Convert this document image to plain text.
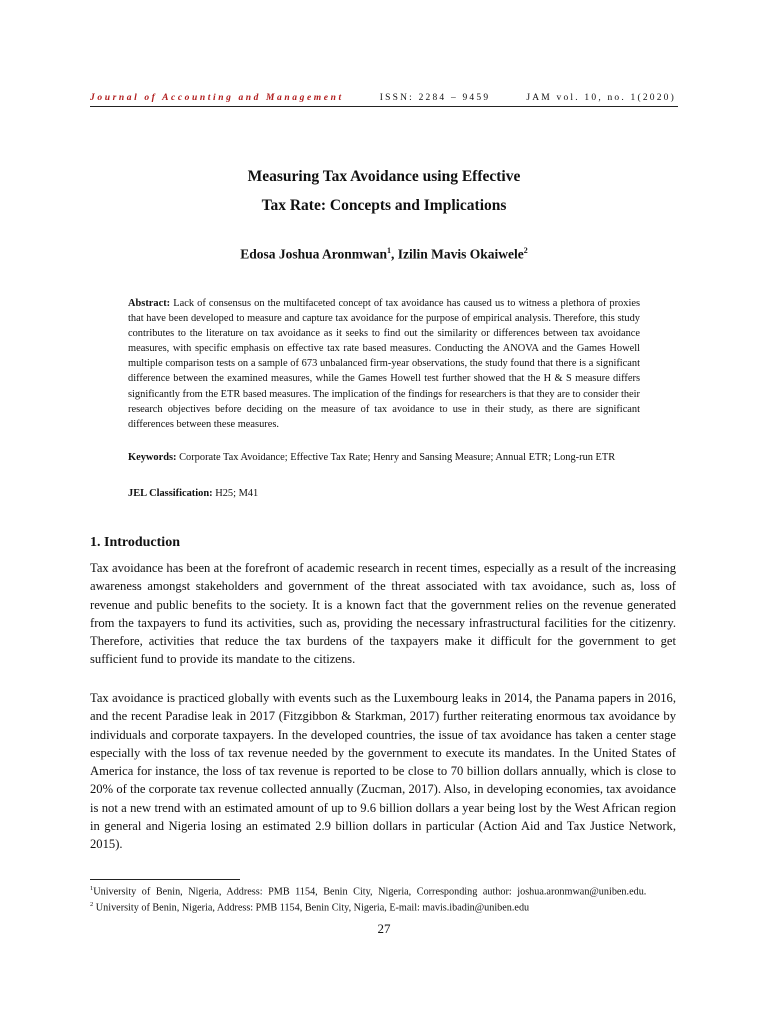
Journal of Accounting and Management	ISSN: 2284 – 9459	JAM vol. 10, no. 1(2020)
Measuring Tax Avoidance using Effective
Tax Rate: Concepts and Implications
Edosa Joshua Aronmwan$^1$, Izilin Mavis Okaiwele$^2$

Abstract: Lack of consensus on the multifaceted concept of tax avoidance has caused us to witness a plethora of proxies that have been developed to measure and capture tax avoidance for the purpose of empirical analysis. Therefore, this study contributes to the literature on tax avoidance as it seeks to find out the similarity or differences between tax avoidance measures, with specific emphasis on effective tax rate based measures. Conducting the ANOVA and the Games Howell multiple comparison tests on a sample of 673 unbalanced firm-year observations, the study found that there is a significant difference between the examined measures, while the Games Howell test further showed that the H & S measure differs significantly from the ETR based measures. The implication of the findings for researchers is that they are to consider their research objectives before deciding on the measure of tax avoidance to use in their study, as there are significant differences between these measures.

Keywords: Corporate Tax Avoidance; Effective Tax Rate; Henry and Sansing Measure; Annual ETR; Long-run ETR

JEL Classification: H25; M41

1. Introduction

Tax avoidance has been at the forefront of academic research in recent times, especially as a result of the increasing awareness amongst stakeholders and government of the threat associated with tax avoidance, such as, loss of revenue and public benefits to the society. It is a known fact that the government relies on the revenue generated from the taxpayers to fund its activities, such as, providing the necessary infrastructural facilities for the citizenry. Therefore, activities that reduce the tax burdens of the taxpayers make it difficult for the government to get sufficient fund to provide its mandate to the citizens.

Tax avoidance is practiced globally with events such as the Luxembourg leaks in 2014, the Panama papers in 2016, and the recent Paradise leak in 2017 (Fitzgibbon & Starkman, 2017) further reiterating enormous tax avoidance by individuals and corporate taxpayers. In the developed countries, the issue of tax avoidance has taken a center stage especially with the loss of tax revenue needed by the government to execute its mandates. In the United States of America for instance, the loss of tax revenue is reported to be close to 70 billion dollars annually, which is close to 20% of the corporate tax revenue collected annually (Zucman, 2017). Also, in developing economies, tax avoidance is not a new trend with an estimated amount of up to 9.6 billion dollars a year being lost by the West African region in general and Nigeria losing an estimated 2.9 billion dollars in particular (Action Aid and Tax Justice Network, 2015).

$^1$University of Benin, Nigeria, Address: PMB 1154, Benin City, Nigeria, Corresponding author: joshua.aronmwan@uniben.edu.

$^2$ University of Benin, Nigeria, Address: PMB 1154, Benin City, Nigeria, E-mail: mavis.ibadin@uniben.edu

27
